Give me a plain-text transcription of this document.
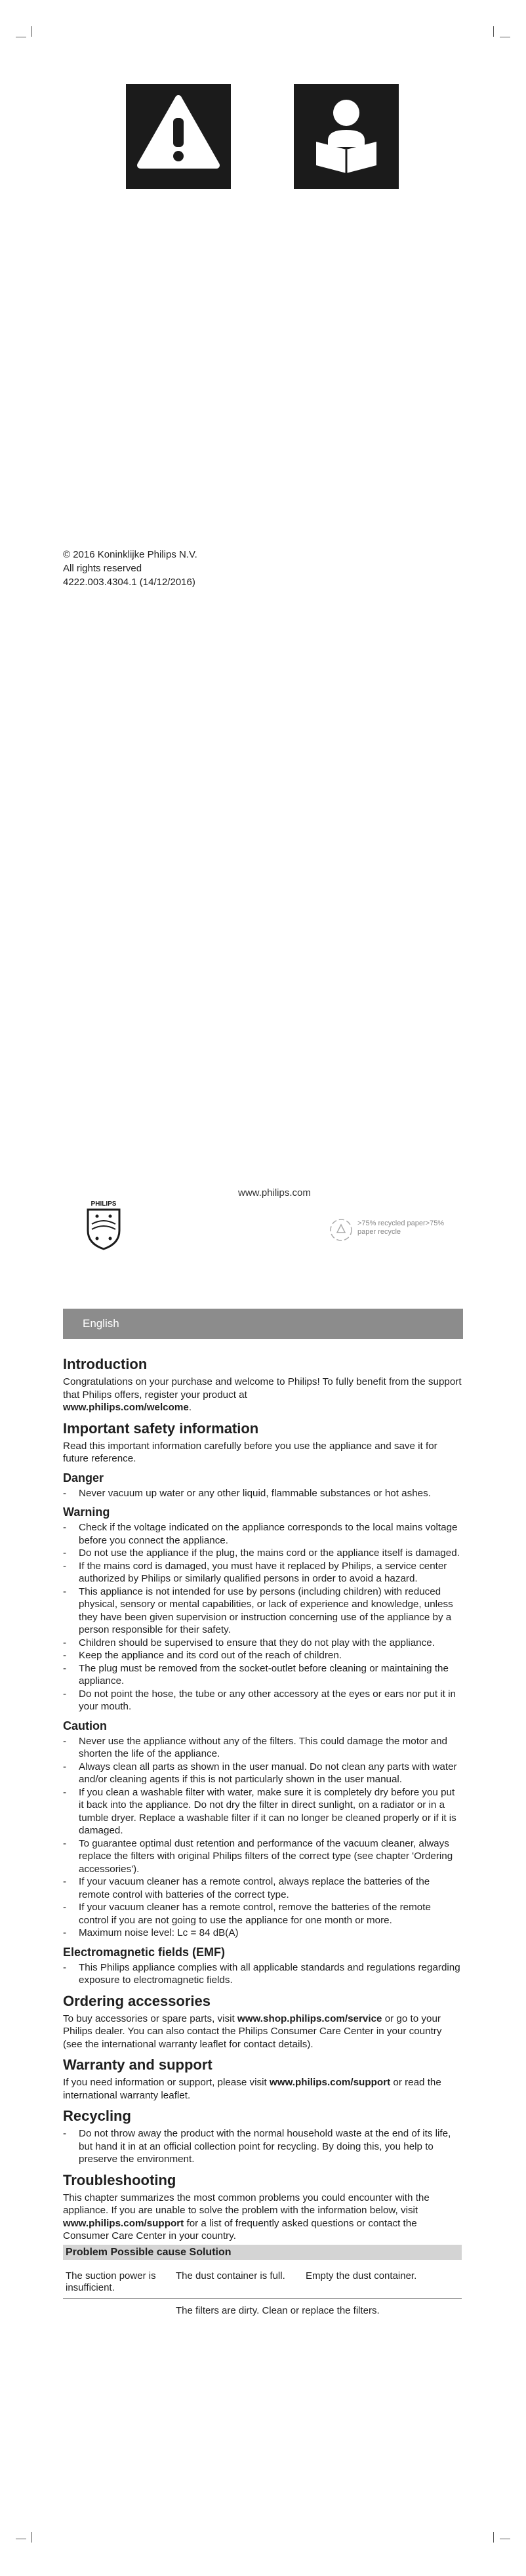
© 2016 Koninklijke Philips N.V.
All rights reserved
4222.003.4304.1 (14/12/2016)
www.philips.com
PHILIPS
>75% recycled paper>75%
paper recycle
English
Introduction

Congratulations on your purchase and welcome to Philips! To fully benefit from the support that Philips offers, register your product at
www.philips.com/welcome.

Important safety information

Read this important information carefully before you use the appliance and save it for future reference.

Danger
- Never vacuum up water or any other liquid, flammable substances or hot ashes.
Warning
- Check if the voltage indicated on the appliance corresponds to the local mains voltage before you connect the appliance.
- Do not use the appliance if the plug, the mains cord or the appliance itself is damaged.
- If the mains cord is damaged, you must have it replaced by Philips, a service center authorized by Philips or similarly qualified persons in order to avoid a hazard.
- This appliance is not intended for use by persons (including children) with reduced physical, sensory or mental capabilities, or lack of experience and knowledge, unless they have been given supervision or instruction concerning use of the appliance by a person responsible for their safety.
- Children should be supervised to ensure that they do not play with the appliance.
- Keep the appliance and its cord out of the reach of children.
- The plug must be removed from the socket-outlet before cleaning or maintaining the appliance.
- Do not point the hose, the tube or any other accessory at the eyes or ears nor put it in your mouth.
Caution
- Never use the appliance without any of the filters. This could damage the motor and shorten the life of the appliance.
- Always clean all parts as shown in the user manual. Do not clean any parts with water and/or cleaning agents if this is not particularly shown in the user manual.
- If you clean a washable filter with water, make sure it is completely dry before you put it back into the appliance. Do not dry the filter in direct sunlight, on a radiator or in a tumble dryer. Replace a washable filter if it can no longer be cleaned properly or if it is damaged.
- To guarantee optimal dust retention and performance of the vacuum cleaner, always replace the filters with original Philips filters of the correct type (see chapter 'Ordering accessories').
- If your vacuum cleaner has a remote control, always replace the batteries of the remote control with batteries of the correct type.
- If your vacuum cleaner has a remote control, remove the batteries of the remote control if you are not going to use the appliance for one month or more.
- Maximum noise level: Lc = 84 dB(A)
Electromagnetic fields (EMF)
- This Philips appliance complies with all applicable standards and regulations regarding exposure to electromagnetic fields.
Ordering accessories

To buy accessories or spare parts, visit www.shop.philips.com/service or go to your Philips dealer. You can also contact the Philips Consumer Care Center in your country (see the international warranty leaflet for contact details).

Warranty and support

If you need information or support, please visit www.philips.com/support or read the international warranty leaflet.

Recycling
- Do not throw away the product with the normal household waste at the end of its life, but hand it in at an official collection point for recycling. By doing this, you help to preserve the environment.
Troubleshooting

This chapter summarizes the most common problems you could encounter with the appliance. If you are unable to solve the problem with the information below, visit www.philips.com/support for a list of frequently asked questions or contact the Consumer Care Center in your country.

Problem Possible cause Solution		
The suction power is insufficient.	The dust container is full.	Empty the dust container.
	The filters are dirty. Clean or replace the filters.	
